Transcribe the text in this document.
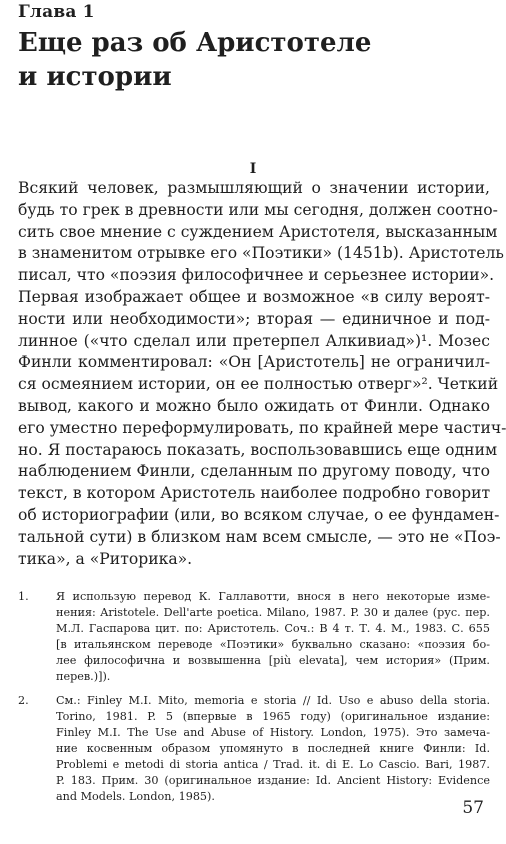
Глава 1
Еще раз об Аристотеле
и истории
I
Всякий человек, размышляющий о значении истории,
будь то грек в древности или мы сегодня, должен соотно-
сить свое мнение с суждением Аристотеля, высказанным
в знаменитом отрывке его «Поэтики» (1451b). Аристотель
писал, что «поэзия философичнее и серьезнее истории».
Первая изображает общее и возможное «в силу вероят-
ности или необходимости»; вторая — единичное и под-
линное («что сделал или претерпел Алкивиад»)¹. Мозес
Финли комментировал: «Он [Аристотель] не ограничил-
ся осмеянием истории, он ее полностью отверг»². Четкий
вывод, какого и можно было ожидать от Финли. Однако
его уместно переформулировать, по крайней мере частич-
но. Я постараюсь показать, воспользовавшись еще одним
наблюдением Финли, сделанным по другому поводу, что
текст, в котором Аристотель наиболее подробно говорит
об историографии (или, во всяком случае, о ее фундамен-
тальной сути) в близком нам всем смысле, — это не «Поэ-
тика», а «Риторика».
1. Я использую перевод К. Галлавотти, внося в него некоторые изме-
нения: Aristotele. Dell'arte poetica. Milano, 1987. P. 30 и далее (рус. пер.
М.Л. Гаспарова цит. по: Аристотель. Соч.: В 4 т. Т. 4. М., 1983. С. 655
[в итальянском переводе «Поэтики» буквально сказано: «поэзия бо-
лее философична и возвышенна [più elevata], чем история» (Прим.
перев.)]).
2. См.: Finley M.I. Mito, memoria e storia // Id. Uso e abuso della storia.
Torino, 1981. P. 5 (впервые в 1965 году) (оригинальное издание:
Finley M.I. The Use and Abuse of History. London, 1975). Это замеча-
ние косвенным образом упомянуто в последней книге Финли: Id.
Problemi e metodi di storia antica / Trad. it. di E. Lo Cascio. Bari, 1987.
P. 183. Прим. 30 (оригинальное издание: Id. Ancient History: Evidence
and Models. London, 1985).
57
